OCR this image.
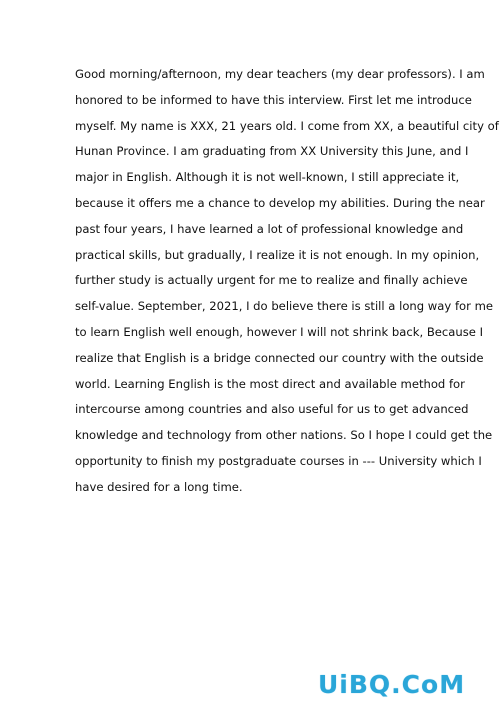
Good morning/afternoon, my dear teachers (my dear professors). I am
honored to be informed to have this interview. First let me introduce
myself. My name is XXX, 21 years old. I come from XX, a beautiful city of
Hunan Province. I am graduating from XX University this June, and I
major in English. Although it is not well-known, I still appreciate it,
because it offers me a chance to develop my abilities. During the near
past four years, I have learned a lot of professional knowledge and
practical skills, but gradually, I realize it is not enough. In my opinion,
further study is actually urgent for me to realize and finally achieve
self-value. September, 2021, I do believe there is still a long way for me
to learn English well enough, however I will not shrink back, Because I
realize that English is a bridge connected our country with the outside
world. Learning English is the most direct and available method for
intercourse among countries and also useful for us to get advanced
knowledge and technology from other nations. So I hope I could get the
opportunity to finish my postgraduate courses in --- University which I
have desired for a long time.
UiBQ.CoM
